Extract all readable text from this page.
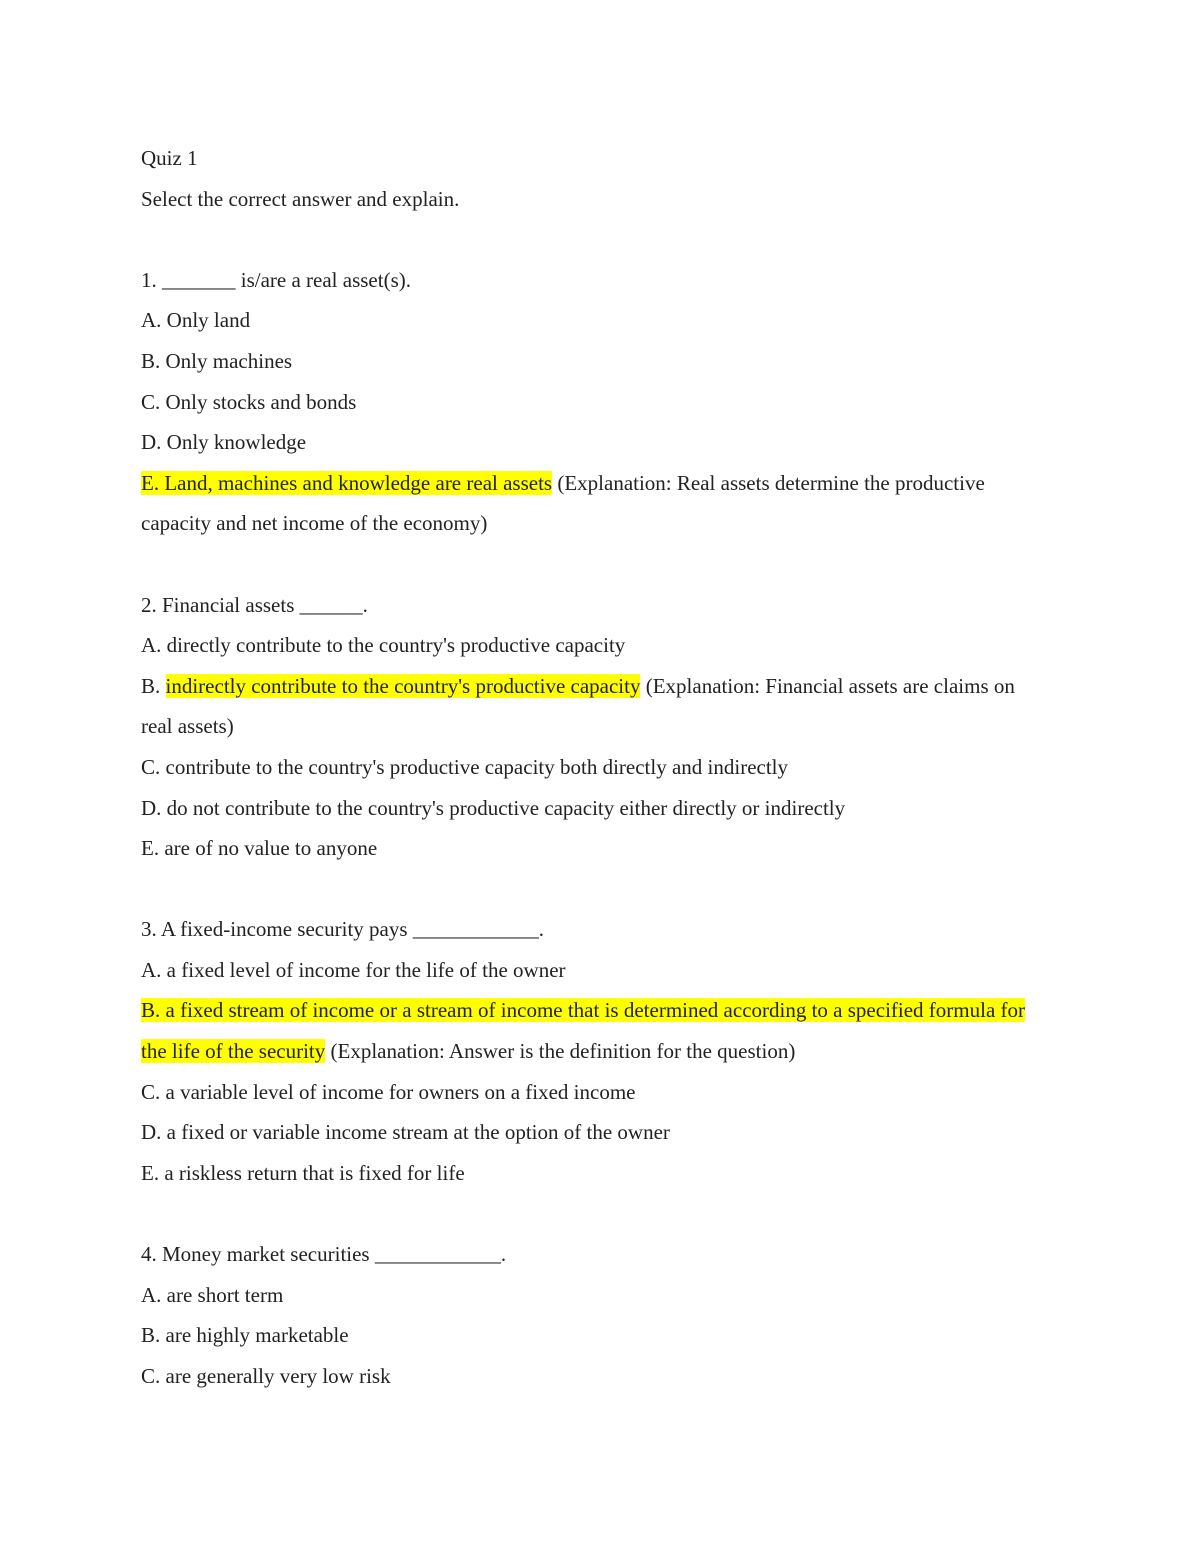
Quiz 1
Select the correct answer and explain.
1. _______ is/are a real asset(s).
A. Only land
B. Only machines
C. Only stocks and bonds
D. Only knowledge
E. Land, machines and knowledge are real assets (Explanation: Real assets determine the productive capacity and net income of the economy)
2. Financial assets ______.
A. directly contribute to the country's productive capacity
B. indirectly contribute to the country's productive capacity (Explanation: Financial assets are claims on real assets)
C. contribute to the country's productive capacity both directly and indirectly
D. do not contribute to the country's productive capacity either directly or indirectly
E. are of no value to anyone
3. A fixed-income security pays ____________.
A. a fixed level of income for the life of the owner
B. a fixed stream of income or a stream of income that is determined according to a specified formula for the life of the security (Explanation: Answer is the definition for the question)
C. a variable level of income for owners on a fixed income
D. a fixed or variable income stream at the option of the owner
E. a riskless return that is fixed for life
4. Money market securities ____________.
A. are short term
B. are highly marketable
C. are generally very low risk
